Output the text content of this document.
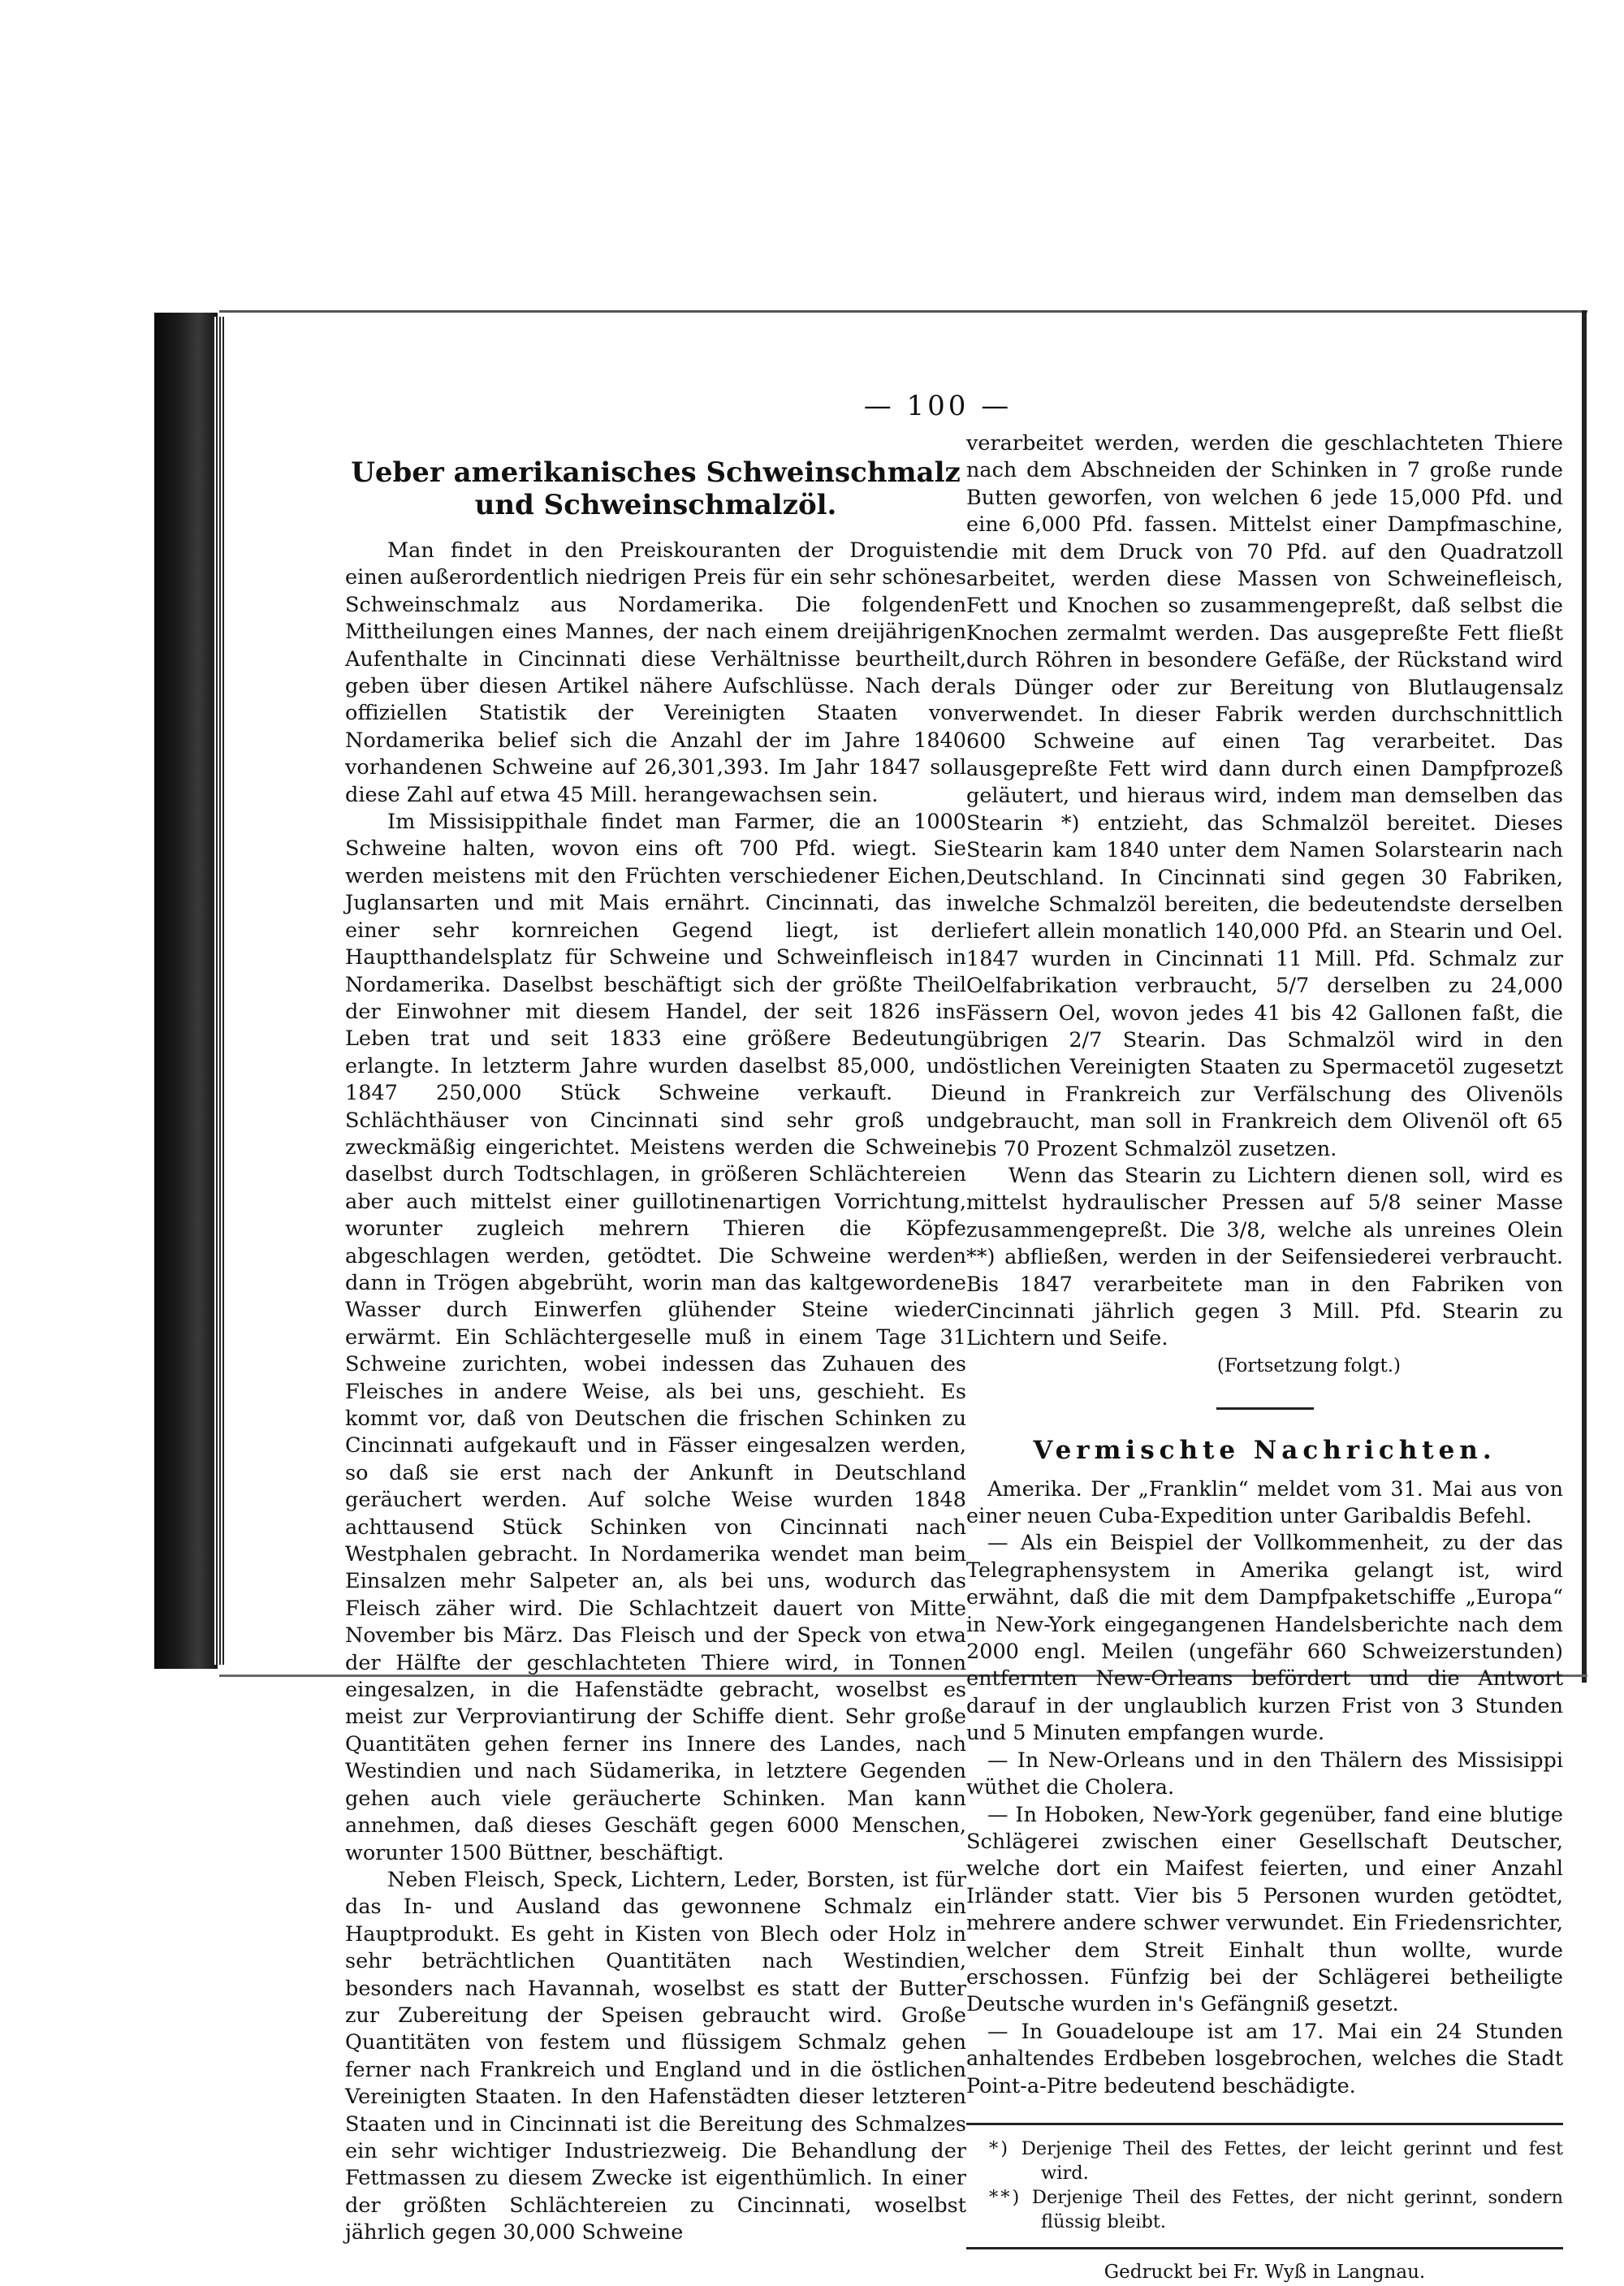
— 100 —
Ueber amerikanisches Schweinschmalz und Schweinschmalzöl.

Man findet in den Preiskouranten der Droguisten einen außerordentlich niedrigen Preis für ein sehr schönes Schweinschmalz aus Nordamerika. Die folgenden Mittheilungen eines Mannes, der nach einem dreijährigen Aufenthalte in Cincinnati diese Verhältnisse beurtheilt, geben über diesen Artikel nähere Aufschlüsse. Nach der offiziellen Statistik der Vereinigten Staaten von Nordamerika belief sich die Anzahl der im Jahre 1840 vorhandenen Schweine auf 26,301,393. Im Jahr 1847 soll diese Zahl auf etwa 45 Mill. herangewachsen sein.

Im Missisippithale findet man Farmer, die an 1000 Schweine halten, wovon eins oft 700 Pfd. wiegt. Sie werden meistens mit den Früchten verschiedener Eichen, Juglansarten und mit Mais ernährt. Cincinnati, das in einer sehr kornreichen Gegend liegt, ist der Hauptthandelsplatz für Schweine und Schweinfleisch in Nordamerika. Daselbst beschäftigt sich der größte Theil der Einwohner mit diesem Handel, der seit 1826 ins Leben trat und seit 1833 eine größere Bedeutung erlangte. In letzterm Jahre wurden daselbst 85,000, und 1847 250,000 Stück Schweine verkauft. Die Schlächthäuser von Cincinnati sind sehr groß und zweckmäßig eingerichtet. Meistens werden die Schweine daselbst durch Todtschlagen, in größeren Schlächtereien aber auch mittelst einer guillotinenartigen Vorrichtung, worunter zugleich mehrern Thieren die Köpfe abgeschlagen werden, getödtet. Die Schweine werden dann in Trögen abgebrüht, worin man das kaltgewordene Wasser durch Einwerfen glühender Steine wieder erwärmt. Ein Schlächtergeselle muß in einem Tage 31 Schweine zurichten, wobei indessen das Zuhauen des Fleisches in andere Weise, als bei uns, geschieht. Es kommt vor, daß von Deutschen die frischen Schinken zu Cincinnati aufgekauft und in Fässer eingesalzen werden, so daß sie erst nach der Ankunft in Deutschland geräuchert werden. Auf solche Weise wurden 1848 achttausend Stück Schinken von Cincinnati nach Westphalen gebracht. In Nordamerika wendet man beim Einsalzen mehr Salpeter an, als bei uns, wodurch das Fleisch zäher wird. Die Schlachtzeit dauert von Mitte November bis März. Das Fleisch und der Speck von etwa der Hälfte der geschlachteten Thiere wird, in Tonnen eingesalzen, in die Hafenstädte gebracht, woselbst es meist zur Verproviantirung der Schiffe dient. Sehr große Quantitäten gehen ferner ins Innere des Landes, nach Westindien und nach Südamerika, in letztere Gegenden gehen auch viele geräucherte Schinken. Man kann annehmen, daß dieses Geschäft gegen 6000 Menschen, worunter 1500 Büttner, beschäftigt.

Neben Fleisch, Speck, Lichtern, Leder, Borsten, ist für das In- und Ausland das gewonnene Schmalz ein Hauptprodukt. Es geht in Kisten von Blech oder Holz in sehr beträchtlichen Quantitäten nach Westindien, besonders nach Havannah, woselbst es statt der Butter zur Zubereitung der Speisen gebraucht wird. Große Quantitäten von festem und flüssigem Schmalz gehen ferner nach Frankreich und England und in die östlichen Vereinigten Staaten. In den Hafenstädten dieser letzteren Staaten und in Cincinnati ist die Bereitung des Schmalzes ein sehr wichtiger Industriezweig. Die Behandlung der Fettmassen zu diesem Zwecke ist eigenthümlich. In einer der größten Schlächtereien zu Cincinnati, woselbst jährlich gegen 30,000 Schweine

verarbeitet werden, werden die geschlachteten Thiere nach dem Abschneiden der Schinken in 7 große runde Butten geworfen, von welchen 6 jede 15,000 Pfd. und eine 6,000 Pfd. fassen. Mittelst einer Dampfmaschine, die mit dem Druck von 70 Pfd. auf den Quadratzoll arbeitet, werden diese Massen von Schweinefleisch, Fett und Knochen so zusammengepreßt, daß selbst die Knochen zermalmt werden. Das ausgepreßte Fett fließt durch Röhren in besondere Gefäße, der Rückstand wird als Dünger oder zur Bereitung von Blutlaugensalz verwendet. In dieser Fabrik werden durchschnittlich 600 Schweine auf einen Tag verarbeitet. Das ausgepreßte Fett wird dann durch einen Dampfprozeß geläutert, und hieraus wird, indem man demselben das Stearin *) entzieht, das Schmalzöl bereitet. Dieses Stearin kam 1840 unter dem Namen Solarstearin nach Deutschland. In Cincinnati sind gegen 30 Fabriken, welche Schmalzöl bereiten, die bedeutendste derselben liefert allein monatlich 140,000 Pfd. an Stearin und Oel. 1847 wurden in Cincinnati 11 Mill. Pfd. Schmalz zur Oelfabrikation verbraucht, 5/7 derselben zu 24,000 Fässern Oel, wovon jedes 41 bis 42 Gallonen faßt, die übrigen 2/7 Stearin. Das Schmalzöl wird in den östlichen Vereinigten Staaten zu Spermacetöl zugesetzt und in Frankreich zur Verfälschung des Olivenöls gebraucht, man soll in Frankreich dem Olivenöl oft 65 bis 70 Prozent Schmalzöl zusetzen.

Wenn das Stearin zu Lichtern dienen soll, wird es mittelst hydraulischer Pressen auf 5/8 seiner Masse zusammengepreßt. Die 3/8, welche als unreines Olein **) abfließen, werden in der Seifensiederei verbraucht. Bis 1847 verarbeitete man in den Fabriken von Cincinnati jährlich gegen 3 Mill. Pfd. Stearin zu Lichtern und Seife.

(Fortsetzung folgt.)

Vermischte Nachrichten.

Amerika. Der „Franklin“ meldet vom 31. Mai aus von einer neuen Cuba-Expedition unter Garibaldis Befehl.

— Als ein Beispiel der Vollkommenheit, zu der das Telegraphensystem in Amerika gelangt ist, wird erwähnt, daß die mit dem Dampfpaketschiffe „Europa“ in New-York eingegangenen Handelsberichte nach dem 2000 engl. Meilen (ungefähr 660 Schweizerstunden) entfernten New-Orleans befördert und die Antwort darauf in der unglaublich kurzen Frist von 3 Stunden und 5 Minuten empfangen wurde.

— In New-Orleans und in den Thälern des Missisippi wüthet die Cholera.

— In Hoboken, New-York gegenüber, fand eine blutige Schlägerei zwischen einer Gesellschaft Deutscher, welche dort ein Maifest feierten, und einer Anzahl Irländer statt. Vier bis 5 Personen wurden getödtet, mehrere andere schwer verwundet. Ein Friedensrichter, welcher dem Streit Einhalt thun wollte, wurde erschossen. Fünfzig bei der Schlägerei betheiligte Deutsche wurden in's Gefängniß gesetzt.

— In Gouadeloupe ist am 17. Mai ein 24 Stunden anhaltendes Erdbeben losgebrochen, welches die Stadt Point-a-Pitre bedeutend beschädigte.

*) Derjenige Theil des Fettes, der leicht gerinnt und fest wird.

**) Derjenige Theil des Fettes, der nicht gerinnt, sondern flüssig bleibt.

Gedruckt bei Fr. Wyß in Langnau.
